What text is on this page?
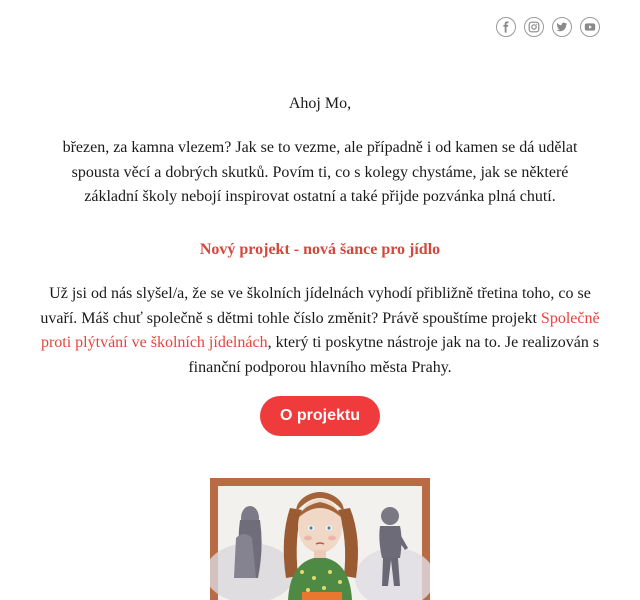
Ahoj Mo,

březen, za kamna vlezem? Jak se to vezme, ale případně i od kamen se dá udělat spousta věcí a dobrých skutků. Povím ti, co s kolegy chystáme, jak se některé základní školy nebojí inspirovat ostatní a také přijde pozvánka plná chutí.

Nový projekt - nová šance pro jídlo

Už jsi od nás slyšel/a, že se ve školních jídelnách vyhodí přibližně třetina toho, co se uvaří. Máš chuť společně s dětmi tohle číslo změnit? Právě spouštíme projekt Společně proti plýtvání ve školních jídelnách, který ti poskytne nástroje jak na to. Je realizován s finanční podporou hlavního města Prahy.

O projektu
